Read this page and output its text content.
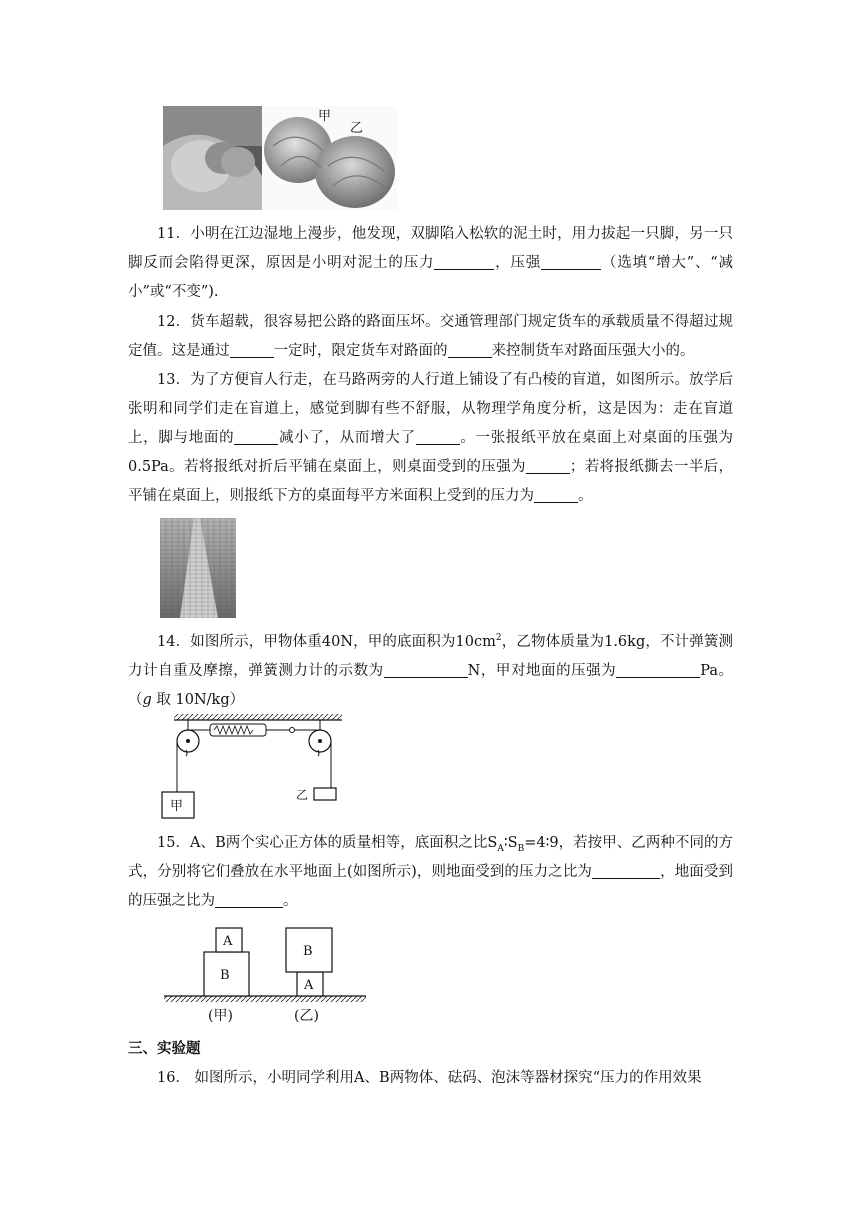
甲
乙
11．小明在江边湿地上漫步，他发现，双脚陷入松软的泥土时，用力拔起一只脚，另一只脚反而会陷得更深，原因是小明对泥土的压力	，压强	（选填“增大”、“减小”或“不变”).
12．货车超载，很容易把公路的路面压坏。交通管理部门规定货车的承载质量不得超过规定值。这是通过	一定时，限定货车对路面的	来控制货车对路面压强大小的。
13．为了方便盲人行走，在马路两旁的人行道上铺设了有凸棱的盲道，如图所示。放学后张明和同学们走在盲道上，感觉到脚有些不舒服，从物理学角度分析，这是因为：走在盲道上，脚与地面的	减小了，从而增大了	。一张报纸平放在桌面上对桌面的压强为0.5Pa。若将报纸对折后平铺在桌面上，则桌面受到的压强为	；若将报纸撕去一半后，平铺在桌面上，则报纸下方的桌面每平方米面积上受到的压力为	。
14．如图所示，甲物体重40N，甲的底面积为$10cm^2$，乙物体质量为1.6kg，不计弹簧测力计自重及摩擦，弹簧测力计的示数为	N，甲对地面的压强为	Pa。（g 取 10N/kg）
甲
乙
15．A、B两个实心正方体的质量相等，底面积之比$S_A∶S_B=4∶9$，若按甲、乙两种不同的方式，分别将它们叠放在水平地面上(如图所示)，则地面受到的压力之比为	，地面受到的压强之比为	。
B
A
A
B
(甲)	(乙)
三、实验题
16． 如图所示，小明同学利用A、B两物体、砝码、泡沫等器材探究“压力的作用效果
